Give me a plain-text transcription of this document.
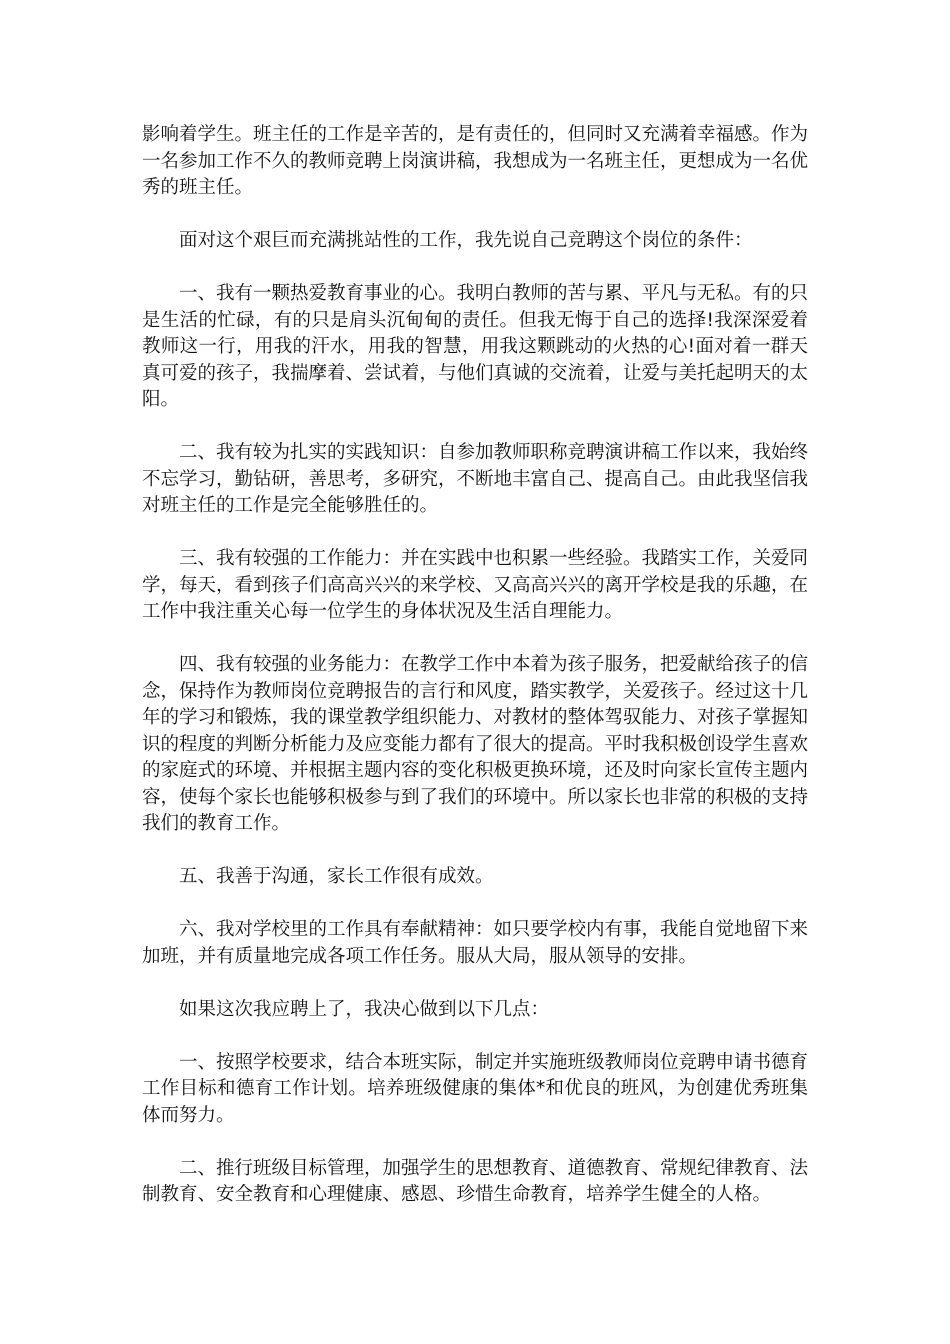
影响着学生。班主任的工作是辛苦的，是有责任的，但同时又充满着幸福感。作为一名参加工作不久的教师竞聘上岗演讲稿，我想成为一名班主任，更想成为一名优秀的班主任。

面对这个艰巨而充满挑站性的工作，我先说自己竞聘这个岗位的条件：

一、我有一颗热爱教育事业的心。我明白教师的苦与累、平凡与无私。有的只是生活的忙碌，有的只是肩头沉甸甸的责任。但我无悔于自己的选择!我深深爱着教师这一行，用我的汗水，用我的智慧，用我这颗跳动的火热的心!面对着一群天真可爱的孩子，我揣摩着、尝试着，与他们真诚的交流着，让爱与美托起明天的太阳。

二、我有较为扎实的实践知识：自参加教师职称竞聘演讲稿工作以来，我始终不忘学习，勤钻研，善思考，多研究，不断地丰富自己、提高自己。由此我坚信我对班主任的工作是完全能够胜任的。

三、我有较强的工作能力：并在实践中也积累一些经验。我踏实工作，关爱同学，每天，看到孩子们高高兴兴的来学校、又高高兴兴的离开学校是我的乐趣，在工作中我注重关心每一位学生的身体状况及生活自理能力。

四、我有较强的业务能力：在教学工作中本着为孩子服务，把爱献给孩子的信念，保持作为教师岗位竞聘报告的言行和风度，踏实教学，关爱孩子。经过这十几年的学习和锻炼，我的课堂教学组织能力、对教材的整体驾驭能力、对孩子掌握知识的程度的判断分析能力及应变能力都有了很大的提高。平时我积极创设学生喜欢的家庭式的环境、并根据主题内容的变化积极更换环境，还及时向家长宣传主题内容，使每个家长也能够积极参与到了我们的环境中。所以家长也非常的积极的支持我们的教育工作。

五、我善于沟通，家长工作很有成效。

六、我对学校里的工作具有奉献精神：如只要学校内有事，我能自觉地留下来加班，并有质量地完成各项工作任务。服从大局，服从领导的安排。

如果这次我应聘上了，我决心做到以下几点：

一、按照学校要求，结合本班实际，制定并实施班级教师岗位竞聘申请书德育工作目标和德育工作计划。培养班级健康的集体*和优良的班风，为创建优秀班集体而努力。

二、推行班级目标管理，加强学生的思想教育、道德教育、常规纪律教育、法制教育、安全教育和心理健康、感恩、珍惜生命教育，培养学生健全的人格。
